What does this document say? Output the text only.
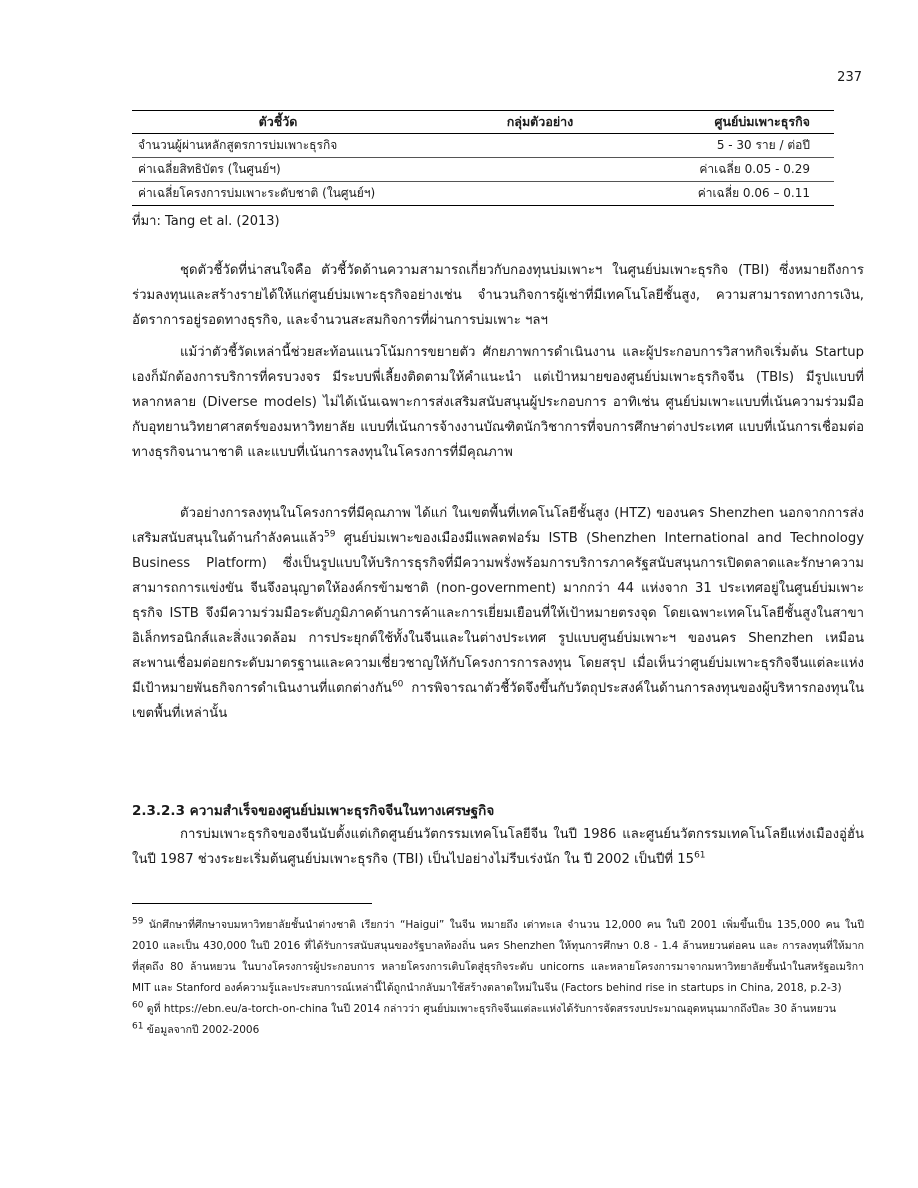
237
ตัวชี้วัด	กลุ่มตัวอย่าง	ศูนย์บ่มเพาะธุรกิจ
จำนวนผู้ผ่านหลักสูตรการบ่มเพาะธุรกิจ		5 - 30 ราย / ต่อปี
ค่าเฉลี่ยสิทธิบัตร (ในศูนย์ฯ)		ค่าเฉลี่ย 0.05 - 0.29
ค่าเฉลี่ยโครงการบ่มเพาะระดับชาติ (ในศูนย์ฯ)		ค่าเฉลี่ย 0.06 – 0.11
ที่มา: Tang et al. (2013)

ชุดตัวชี้วัดที่น่าสนใจคือ ตัวชี้วัดด้านความสามารถเกี่ยวกับกองทุนบ่มเพาะฯ ในศูนย์บ่มเพาะธุรกิจ (TBI) ซึ่งหมายถึงการร่วมลงทุนและสร้างรายได้ให้แก่ศูนย์บ่มเพาะธุรกิจอย่างเช่น จำนวนกิจการผู้เช่าที่มีเทคโนโลยีชั้นสูง, ความสามารถทางการเงิน, อัตราการอยู่รอดทางธุรกิจ, และจำนวนสะสมกิจการที่ผ่านการบ่มเพาะ ฯลฯ

แม้ว่าตัวชี้วัดเหล่านี้ช่วยสะท้อนแนวโน้มการขยายตัว ศักยภาพการดำเนินงาน และผู้ประกอบการวิสาหกิจเริ่มต้น Startup เองก็มักต้องการบริการที่ครบวงจร มีระบบพี่เลี้ยงติดตามให้คำแนะนำ แต่เป้าหมายของศูนย์บ่มเพาะธุรกิจจีน (TBIs) มีรูปแบบที่หลากหลาย (Diverse models) ไม่ได้เน้นเฉพาะการส่งเสริมสนับสนุนผู้ประกอบการ อาทิเช่น ศูนย์บ่มเพาะแบบที่เน้นความร่วมมือกับอุทยานวิทยาศาสตร์ของมหาวิทยาลัย แบบที่เน้นการจ้างงานบัณฑิตนักวิชาการที่จบการศึกษาต่างประเทศ แบบที่เน้นการเชื่อมต่อทางธุรกิจนานาชาติ และแบบที่เน้นการลงทุนในโครงการที่มีคุณภาพ

ตัวอย่างการลงทุนในโครงการที่มีคุณภาพ ได้แก่ ในเขตพื้นที่เทคโนโลยีชั้นสูง (HTZ) ของนคร Shenzhen นอกจากการส่งเสริมสนับสนุนในด้านกำลังคนแล้ว$^{59}$ ศูนย์บ่มเพาะของเมืองมีแพลตฟอร์ม ISTB (Shenzhen International and Technology Business Platform) ซึ่งเป็นรูปแบบให้บริการธุรกิจที่มีความพรั่งพร้อมการบริการภาครัฐสนับสนุนการเปิดตลาดและรักษาความสามารถการแข่งขัน จีนจึงอนุญาตให้องค์กรข้ามชาติ (non-government) มากกว่า 44 แห่งจาก 31 ประเทศอยู่ในศูนย์บ่มเพาะธุรกิจ ISTB จึงมีความร่วมมือระดับภูมิภาคด้านการค้าและการเยี่ยมเยือนที่ให้เป้าหมายตรงจุด โดยเฉพาะเทคโนโลยีชั้นสูงในสาขาอิเล็กทรอนิกส์และสิ่งแวดล้อม การประยุกต์ใช้ทั้งในจีนและในต่างประเทศ รูปแบบศูนย์บ่มเพาะฯ ของนคร Shenzhen เหมือนสะพานเชื่อมต่อยกระดับมาตรฐานและความเชี่ยวชาญให้กับโครงการการลงทุน โดยสรุป เมื่อเห็นว่าศูนย์บ่มเพาะธุรกิจจีนแต่ละแห่งมีเป้าหมายพันธกิจการดำเนินงานที่แตกต่างกัน$^{60}$ การพิจารณาตัวชี้วัดจึงขึ้นกับวัตถุประสงค์ในด้านการลงทุนของผู้บริหารกองทุนในเขตพื้นที่เหล่านั้น

2.3.2.3 ความสำเร็จของศูนย์บ่มเพาะธุรกิจจีนในทางเศรษฐกิจ

การบ่มเพาะธุรกิจของจีนนับตั้งแต่เกิดศูนย์นวัตกรรมเทคโนโลยีจีน ในปี 1986 และศูนย์นวัตกรรมเทคโนโลยีแห่งเมืองอู่ฮั่น ในปี 1987 ช่วงระยะเริ่มต้นศูนย์บ่มเพาะธุรกิจ (TBI) เป็นไปอย่างไม่รีบเร่งนัก ใน ปี 2002 เป็นปีที่ $15^{61}$

$^{59}$ นักศึกษาที่ศึกษาจบมหาวิทยาลัยชั้นนำต่างชาติ เรียกว่า “Haigui” ในจีน หมายถึง เต่าทะเล จำนวน 12,000 คน ในปี 2001 เพิ่มขึ้นเป็น 135,000 คน ในปี 2010 และเป็น 430,000 ในปี 2016 ที่ได้รับการสนับสนุนของรัฐบาลท้องถิ่น นคร Shenzhen ให้ทุนการศึกษา 0.8 - 1.4 ล้านหยวนต่อคน และ การลงทุนที่ให้มากที่สุดถึง 80 ล้านหยวน ในบางโครงการผู้ประกอบการ หลายโครงการเติบโตสู่ธุรกิจระดับ unicorns และหลายโครงการมาจากมหาวิทยาลัยชั้นนำในสหรัฐอเมริกา MIT และ Stanford องค์ความรู้และประสบการณ์เหล่านี้ได้ถูกนำกลับมาใช้สร้างตลาดใหม่ในจีน (Factors behind rise in startups in China, 2018, p.2-3)

$^{60}$ ดูที่ https://ebn.eu/a-torch-on-china ในปี 2014 กล่าวว่า ศูนย์บ่มเพาะธุรกิจจีนแต่ละแห่งได้รับการจัดสรรงบประมาณอุดหนุนมากถึงปีละ 30 ล้านหยวน

$^{61}$ ข้อมูลจากปี 2002-2006
